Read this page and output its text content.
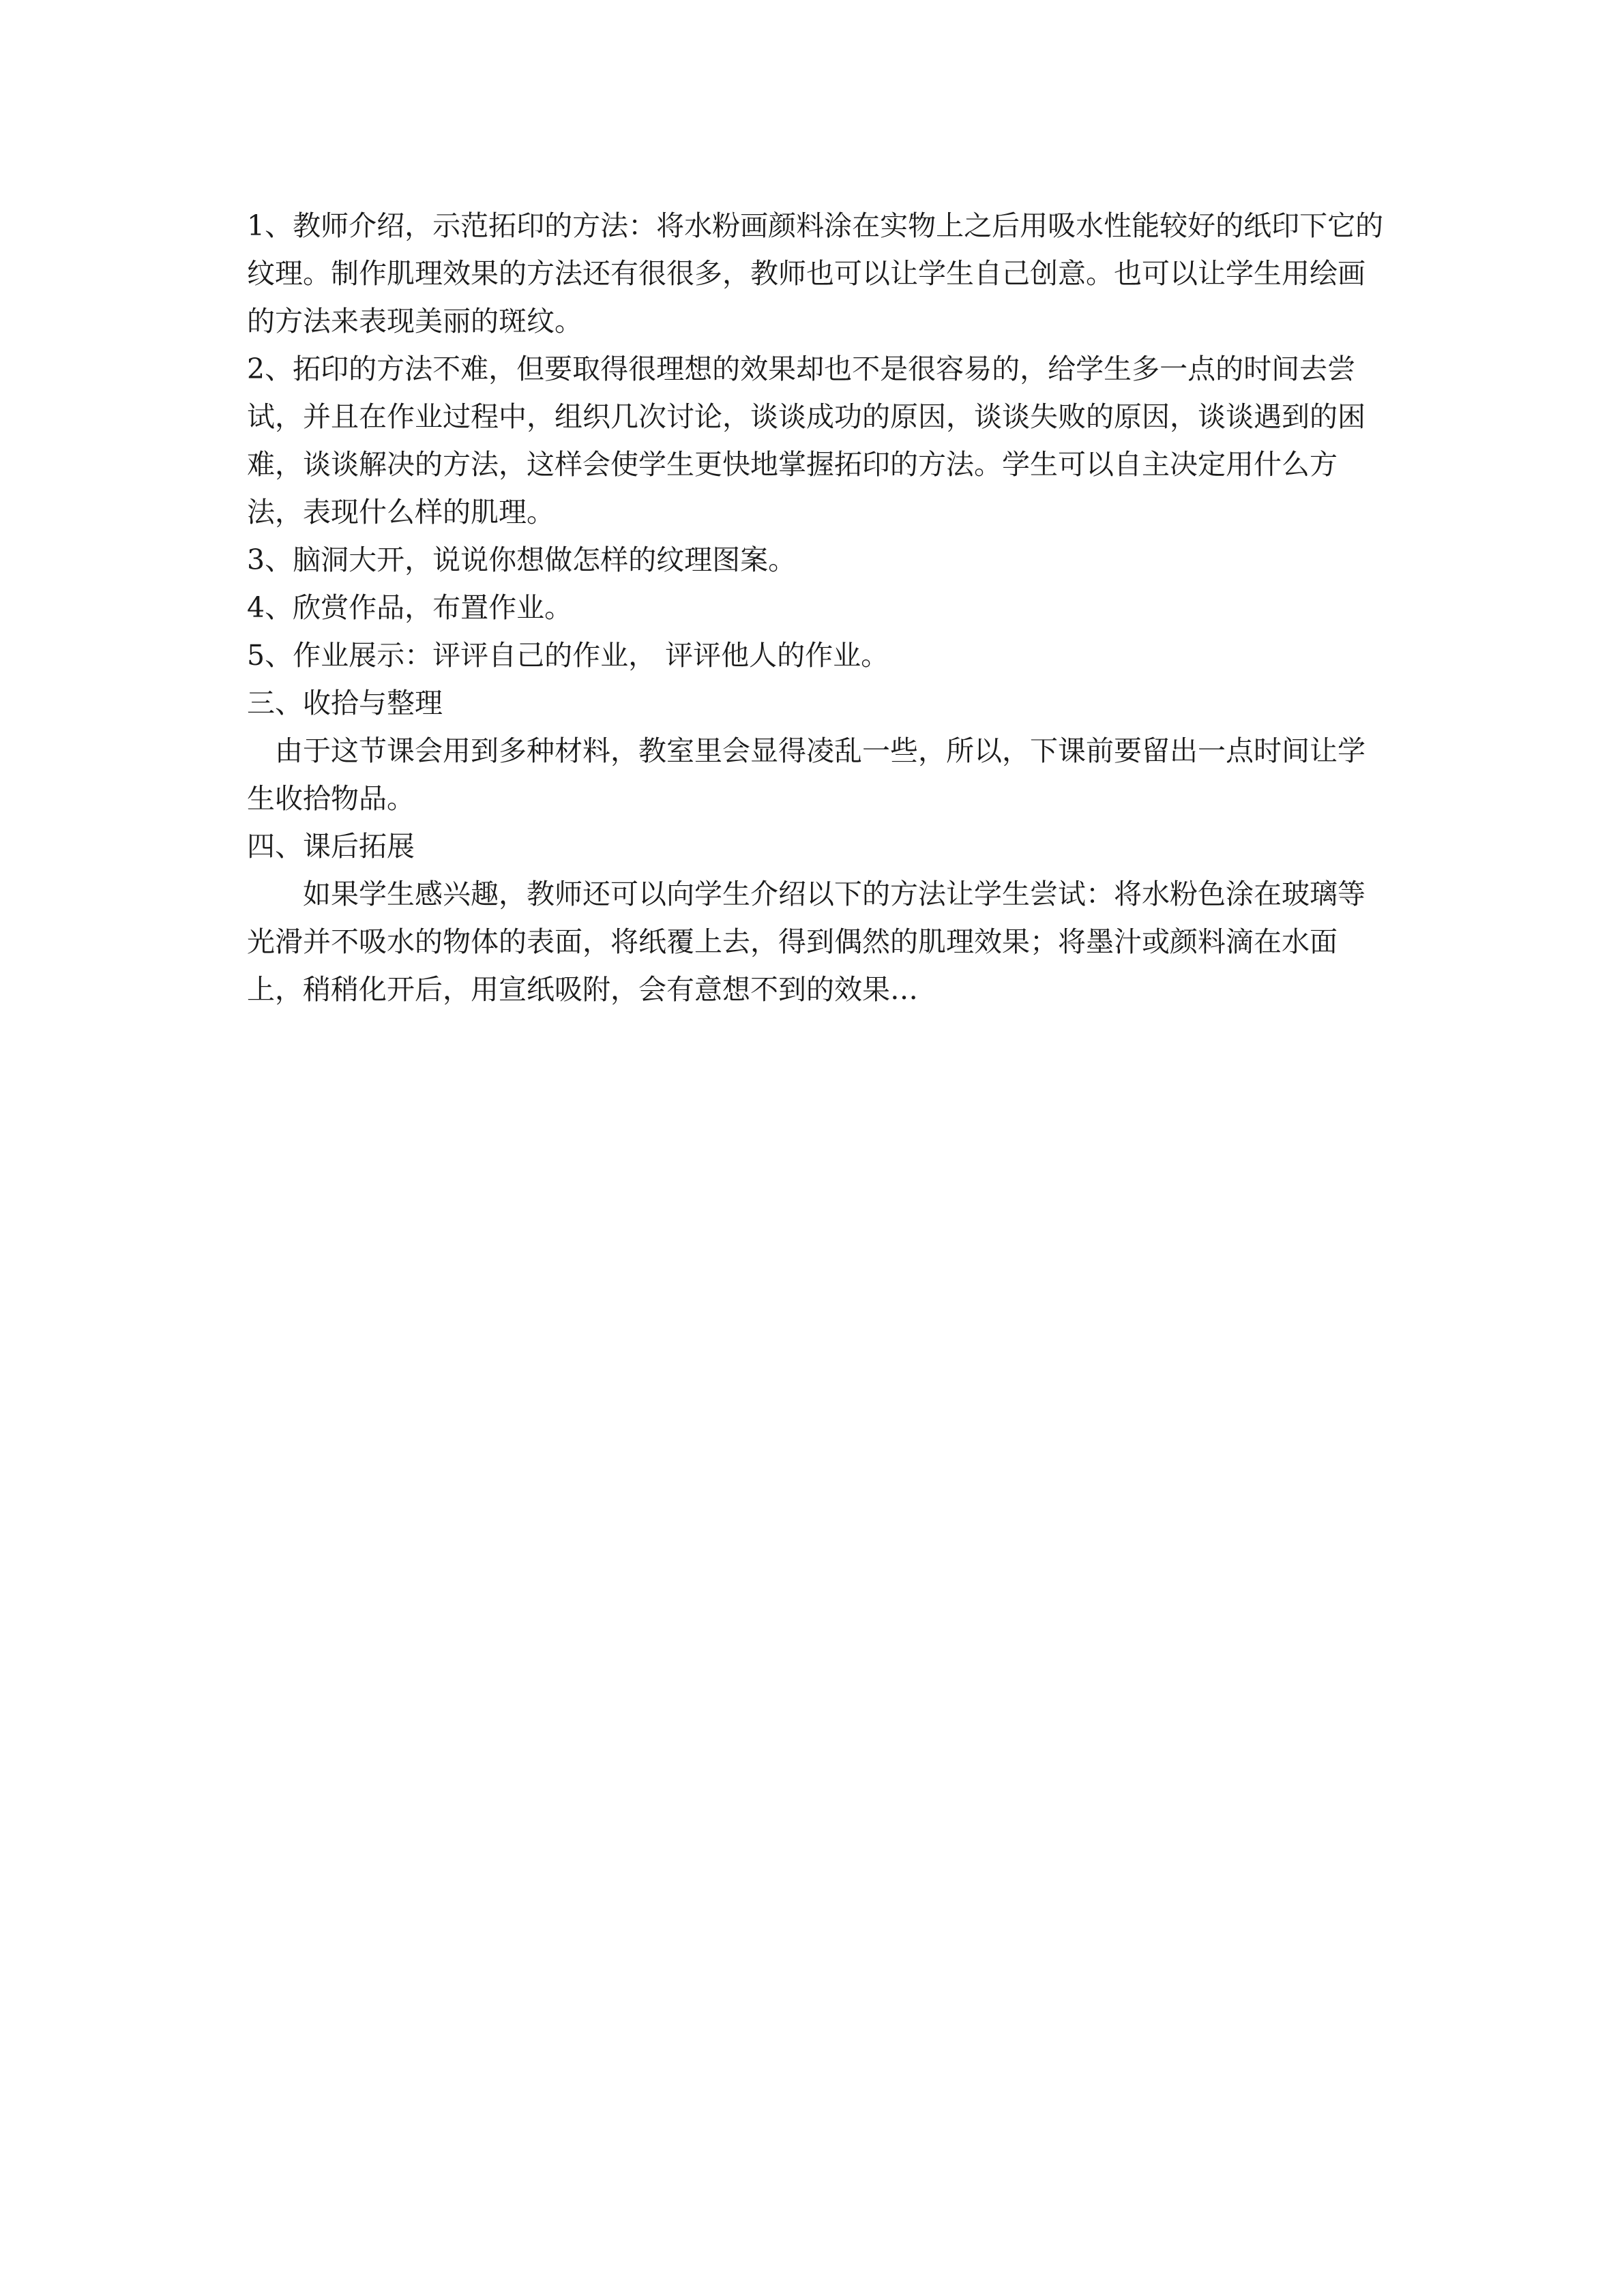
1、教师介绍，示范拓印的方法：将水粉画颜料涂在实物上之后用吸水性能较好的纸印下它的纹理。制作肌理效果的方法还有很很多，教师也可以让学生自己创意。也可以让学生用绘画的方法来表现美丽的斑纹。

2、拓印的方法不难，但要取得很理想的效果却也不是很容易的，给学生多一点的时间去尝试，并且在作业过程中，组织几次讨论，谈谈成功的原因，谈谈失败的原因，谈谈遇到的困难，谈谈解决的方法，这样会使学生更快地掌握拓印的方法。学生可以自主决定用什么方法，表现什么样的肌理。

3、脑洞大开，说说你想做怎样的纹理图案。

4、欣赏作品，布置作业。

5、作业展示：评评自己的作业， 评评他人的作业。

三、收拾与整理

由于这节课会用到多种材料，教室里会显得凌乱一些，所以，下课前要留出一点时间让学生收拾物品。

四、课后拓展

如果学生感兴趣，教师还可以向学生介绍以下的方法让学生尝试：将水粉色涂在玻璃等光滑并不吸水的物体的表面，将纸覆上去，得到偶然的肌理效果；将墨汁或颜料滴在水面上，稍稍化开后，用宣纸吸附，会有意想不到的效果…
